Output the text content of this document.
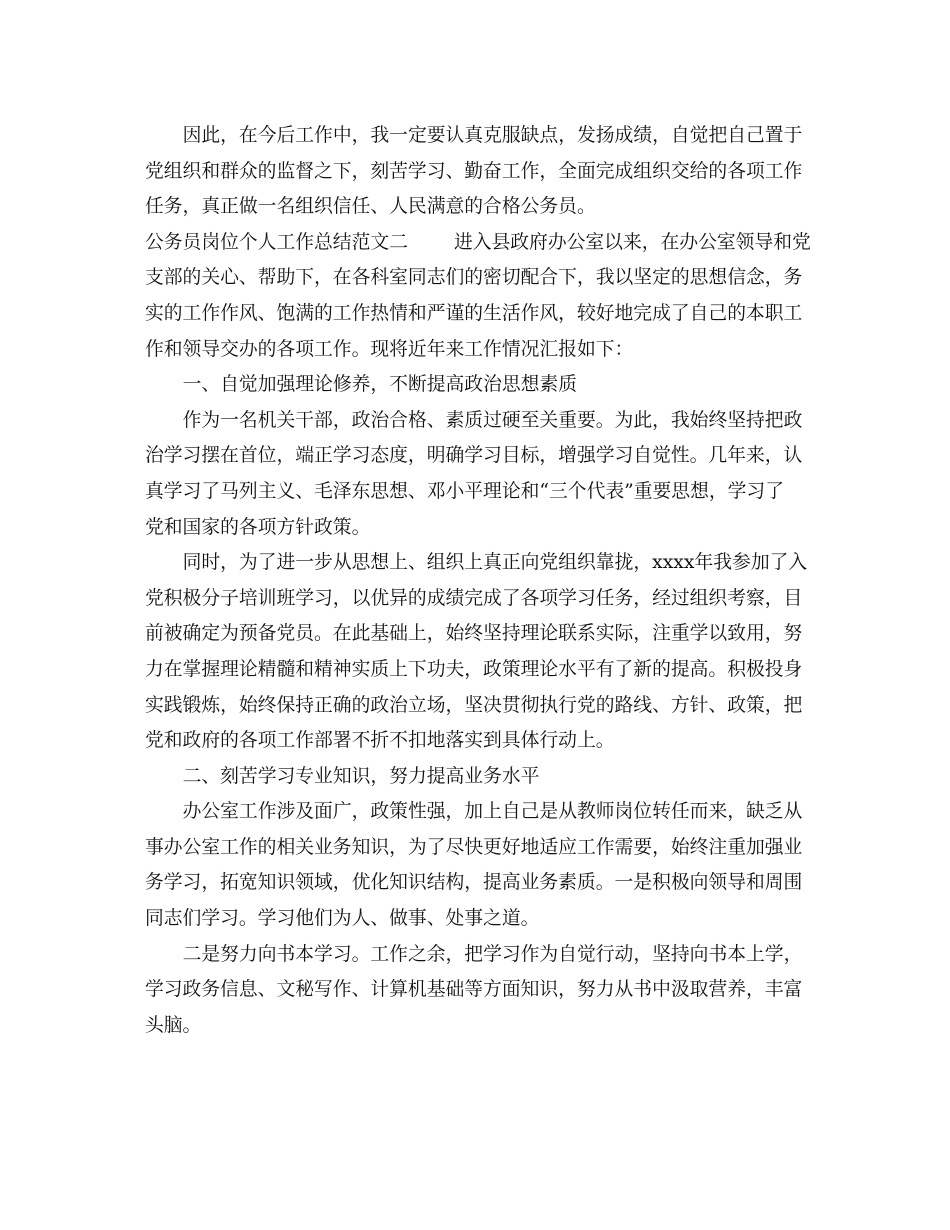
因此，在今后工作中，我一定要认真克服缺点，发扬成绩，自觉把自己置于
党组织和群众的监督之下，刻苦学习、勤奋工作，全面完成组织交给的各项工作
任务，真正做一名组织信任、人民满意的合格公务员。
公务员岗位个人工作总结范文二 进入县政府办公室以来，在办公室领导和党
支部的关心、帮助下，在各科室同志们的密切配合下，我以坚定的思想信念，务
实的工作作风、饱满的工作热情和严谨的生活作风，较好地完成了自己的本职工
作和领导交办的各项工作。现将近年来工作情况汇报如下：
一、自觉加强理论修养，不断提高政治思想素质
作为一名机关干部，政治合格、素质过硬至关重要。为此，我始终坚持把政
治学习摆在首位，端正学习态度，明确学习目标，增强学习自觉性。几年来，认
真学习了马列主义、毛泽东思想、邓小平理论和“三个代表”重要思想，学习了
党和国家的各项方针政策。
同时，为了进一步从思想上、组织上真正向党组织靠拢，xxxx年我参加了入
党积极分子培训班学习，以优异的成绩完成了各项学习任务，经过组织考察，目
前被确定为预备党员。在此基础上，始终坚持理论联系实际，注重学以致用，努
力在掌握理论精髓和精神实质上下功夫，政策理论水平有了新的提高。积极投身
实践锻炼，始终保持正确的政治立场，坚决贯彻执行党的路线、方针、政策，把
党和政府的各项工作部署不折不扣地落实到具体行动上。
二、刻苦学习专业知识，努力提高业务水平
办公室工作涉及面广，政策性强，加上自己是从教师岗位转任而来，缺乏从
事办公室工作的相关业务知识，为了尽快更好地适应工作需要，始终注重加强业
务学习，拓宽知识领域，优化知识结构，提高业务素质。一是积极向领导和周围
同志们学习。学习他们为人、做事、处事之道。
二是努力向书本学习。工作之余，把学习作为自觉行动，坚持向书本上学，
学习政务信息、文秘写作、计算机基础等方面知识，努力从书中汲取营养，丰富
头脑。
